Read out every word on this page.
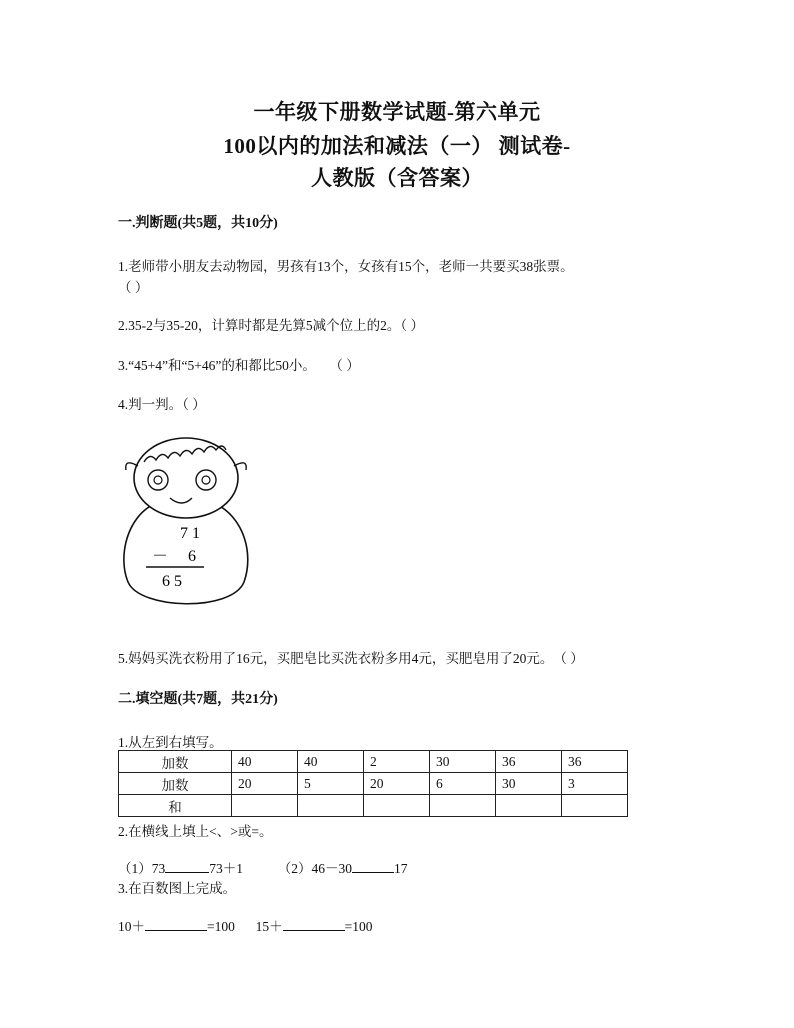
一年级下册数学试题-第六单元
100以内的加法和减法（一） 测试卷-
人教版（含答案）
一.判断题(共5题，共10分)
1.老师带小朋友去动物园，男孩有13个，女孩有15个，老师一共要买38张票。
（ ）
2.35-2与35-20，计算时都是先算5减个位上的2。（ ）
3.“45+4”和“5+46”的和都比50小。　　（ ）
4.判一判。（ ）
7 1
－ 6
6 5
5.妈妈买洗衣粉用了16元，买肥皂比买洗衣粉多用4元，买肥皂用了20元。　（ ）
二.填空题(共7题，共21分)
1.从左到右填写。
加数	40	40	2	30	36	36
加数	20	5	20	6	30	3
和						
2.在横线上填上<、>或=。
（1）73	73＋1	（2）46－30	17
3.在百数图上完成。
10＋	=100 15＋	=100
